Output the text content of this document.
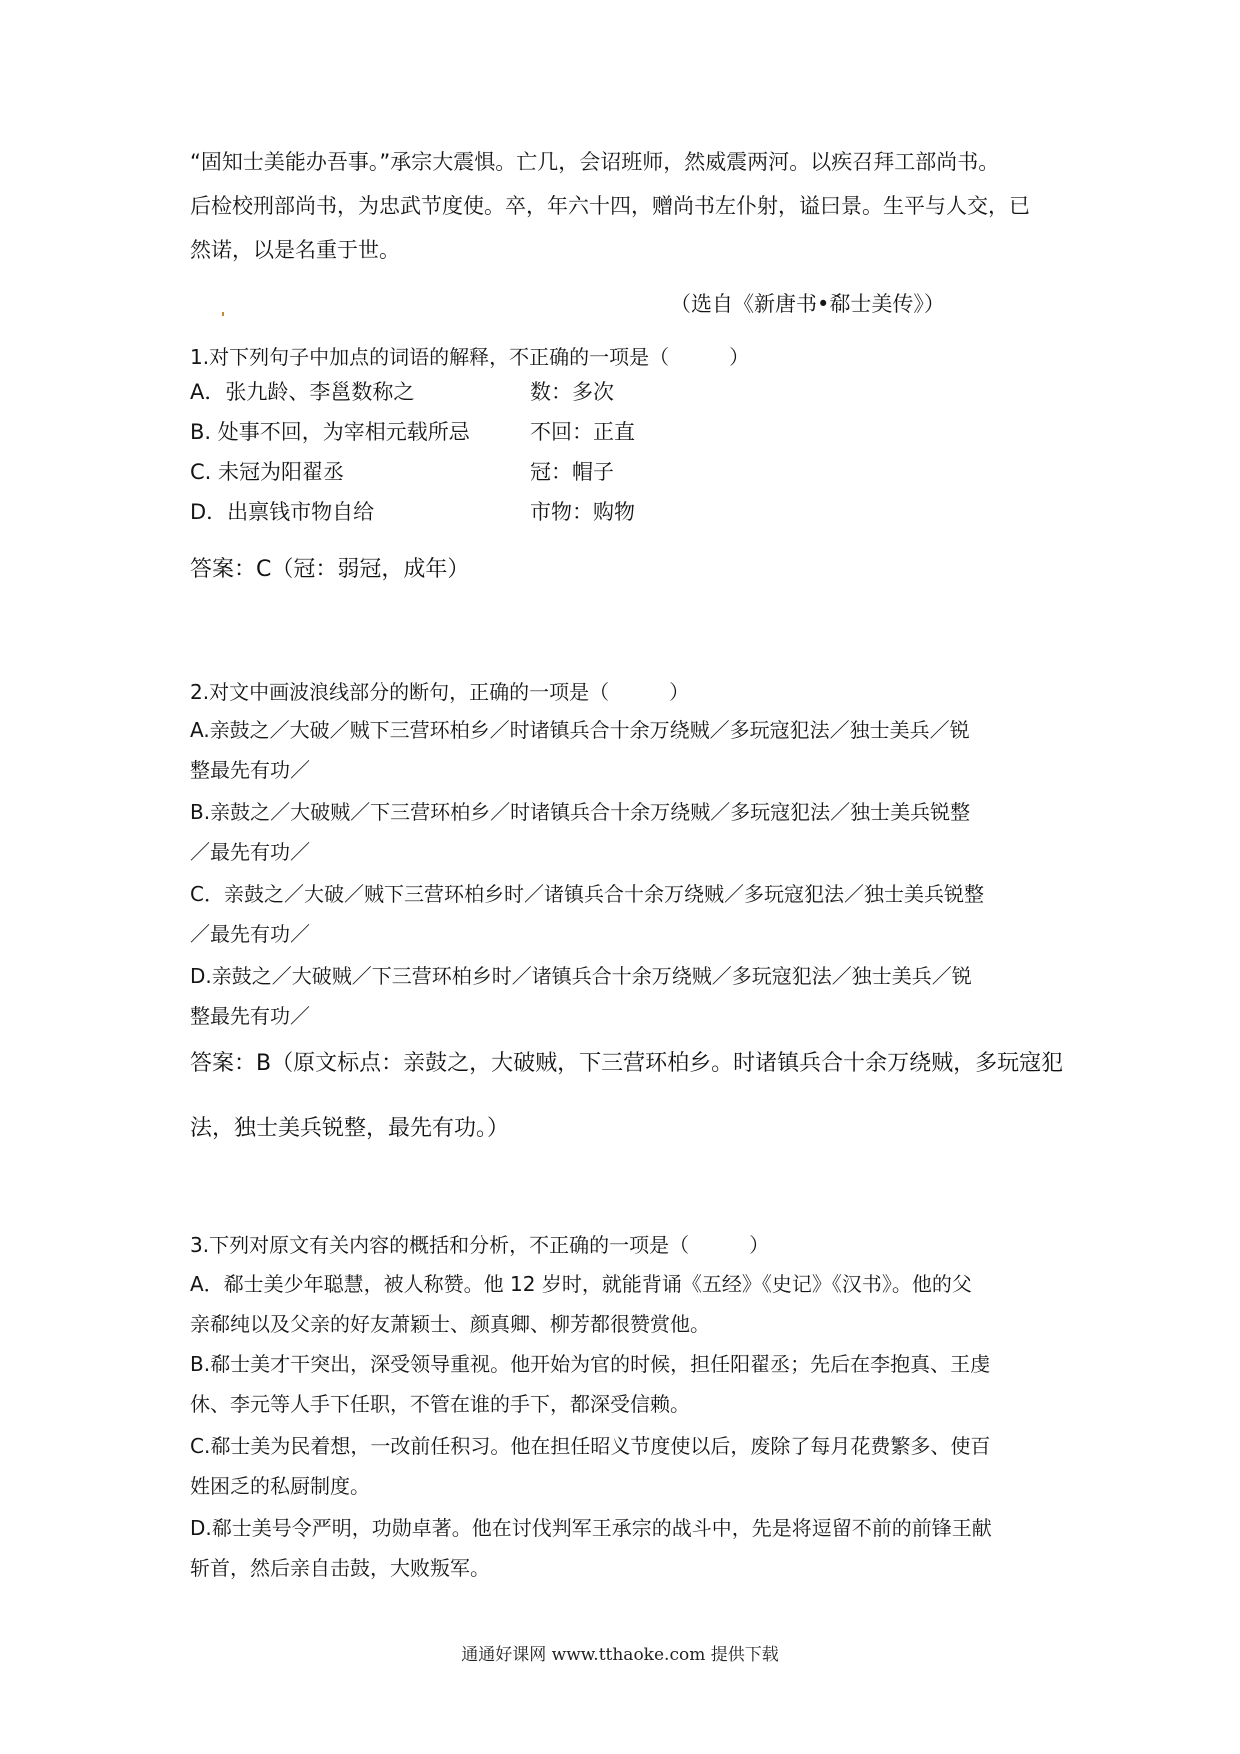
“固知士美能办吾事。”承宗大震惧。亡几，会诏班师，然威震两河。以疾召拜工部尚书。
后检校刑部尚书，为忠武节度使。卒，年六十四，赠尚书左仆射，谥曰景。生平与人交，已
然诺，以是名重于世。
（选自《新唐书•郗士美传》）
1.对下列句子中加点的词语的解释，不正确的一项是（　　　）
A．张九龄、李邕数称之	数：多次
B. 处事不回，为宰相元载所忌	不回：正直
C. 未冠为阳翟丞	冠：帽子
D．出禀钱市物自给	市物：购物
答案：C（冠：弱冠，成年）
2.对文中画波浪线部分的断句，正确的一项是（　　　）
A.亲鼓之／大破／贼下三营环柏乡／时诸镇兵合十余万绕贼／多玩寇犯法／独士美兵／锐
整最先有功／
B.亲鼓之／大破贼／下三营环柏乡／时诸镇兵合十余万绕贼／多玩寇犯法／独士美兵锐整
／最先有功／
C．亲鼓之／大破／贼下三营环柏乡时／诸镇兵合十余万绕贼／多玩寇犯法／独士美兵锐整
／最先有功／
D.亲鼓之／大破贼／下三营环柏乡时／诸镇兵合十余万绕贼／多玩寇犯法／独士美兵／锐
整最先有功／
答案：B（原文标点：亲鼓之，大破贼，下三营环柏乡。时诸镇兵合十余万绕贼，多玩寇犯
法，独士美兵锐整，最先有功。）
3.下列对原文有关内容的概括和分析，不正确的一项是（　　　）
A．郗士美少年聪慧，被人称赞。他 12 岁时，就能背诵《五经》《史记》《汉书》。他的父
亲郗纯以及父亲的好友萧颖士、颜真卿、柳芳都很赞赏他。
B.郗士美才干突出，深受领导重视。他开始为官的时候，担任阳翟丞；先后在李抱真、王虔
休、李元等人手下任职，不管在谁的手下，都深受信赖。
C.郗士美为民着想，一改前任积习。他在担任昭义节度使以后，废除了每月花费繁多、使百
姓困乏的私厨制度。
D.郗士美号令严明，功勋卓著。他在讨伐判军王承宗的战斗中，先是将逗留不前的前锋王献
斩首，然后亲自击鼓，大败叛军。
通通好课网 www.tthaoke.com 提供下载
